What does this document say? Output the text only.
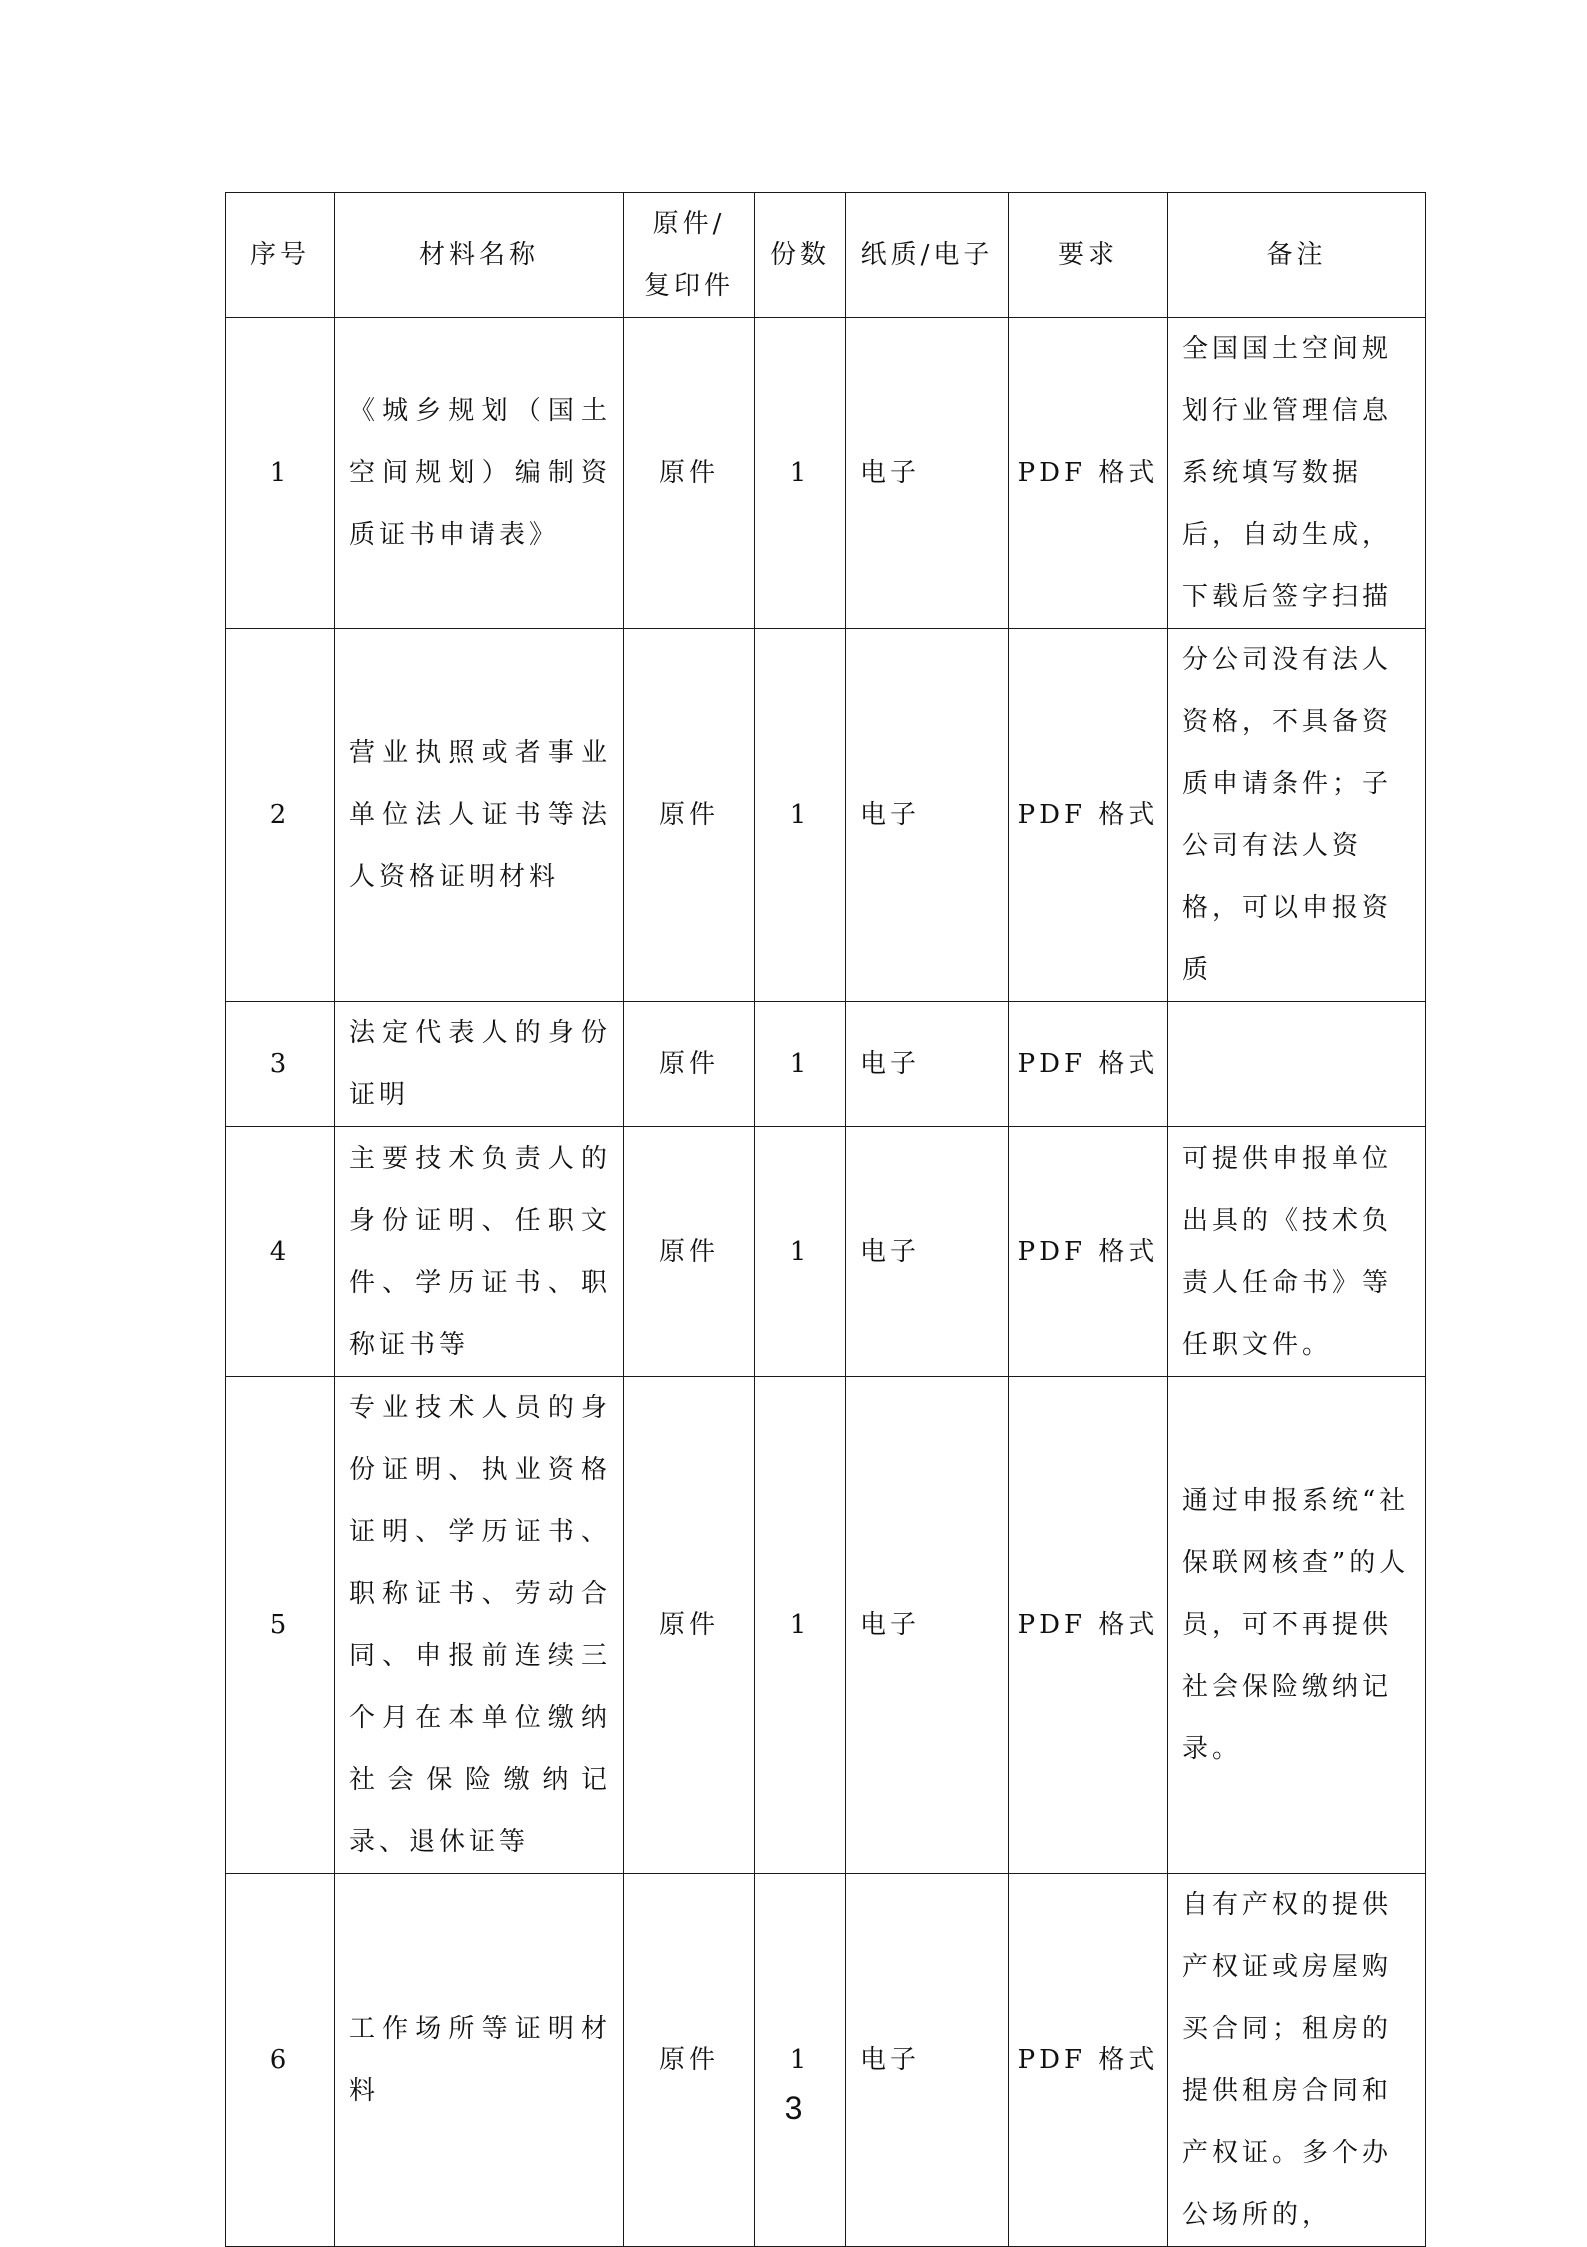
序号	材料名称	原件/复印件	份数	纸质/电子	要求	备注
1	《城乡规划（国土空间规划）编制资质证书申请表》	原件	1	电子	PDF 格式	全国国土空间规划行业管理信息系统填写数据后，自动生成，下载后签字扫描
2	营业执照或者事业单位法人证书等法人资格证明材料	原件	1	电子	PDF 格式	分公司没有法人资格，不具备资质申请条件；子公司有法人资格，可以申报资质
3	法定代表人的身份证明	原件	1	电子	PDF 格式	
4	主要技术负责人的身份证明、任职文件、学历证书、职称证书等	原件	1	电子	PDF 格式	可提供申报单位出具的《技术负责人任命书》等任职文件。
5	专业技术人员的身份证明、执业资格证明、学历证书、职称证书、劳动合同、申报前连续三个月在本单位缴纳社会保险缴纳记录、退休证等	原件	1	电子	PDF 格式	通过申报系统“社保联网核查”的人员，可不再提供社会保险缴纳记录。
6	工作场所等证明材料	原件	1	电子	PDF 格式	自有产权的提供产权证或房屋购买合同；租房的提供租房合同和产权证。多个办公场所的，
3
